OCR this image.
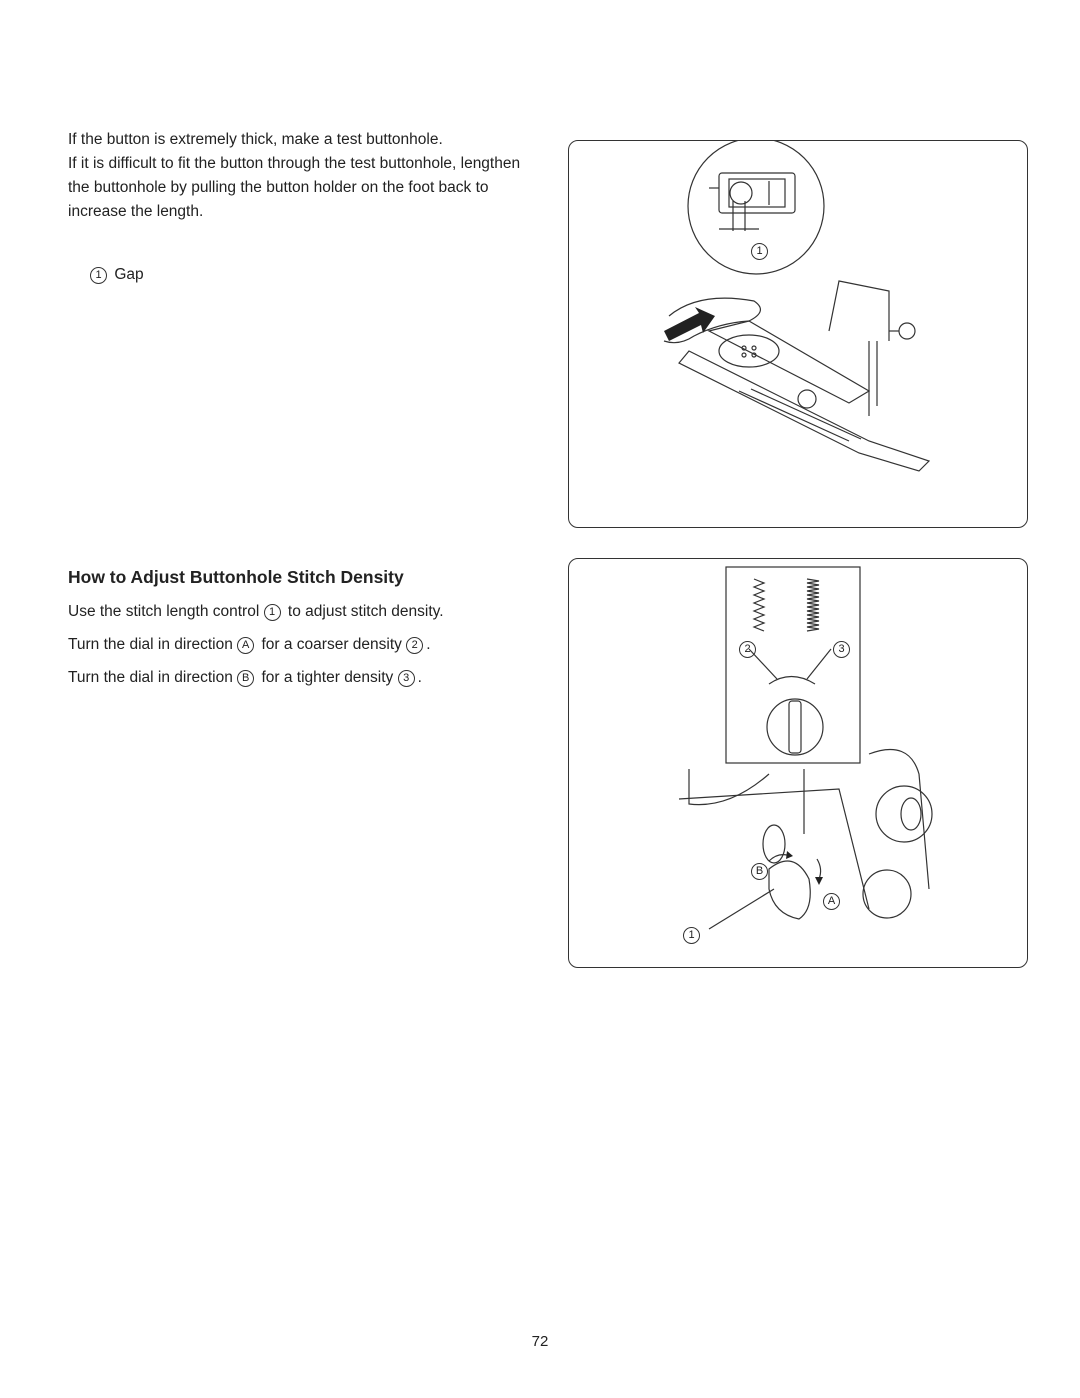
If the button is extremely thick, make a test buttonhole.

If it is difficult to fit the button through the test buttonhole, lengthen the buttonhole by pulling the button holder on the foot back to increase the length.

1 Gap
How to Adjust Buttonhole Stitch Density

Use the stitch length control 1 to adjust stitch density.

Turn the dial in direction A for a coarser density 2 .

Turn the dial in direction B for a tighter density 3 .

1
2	3
B
A
1
72
